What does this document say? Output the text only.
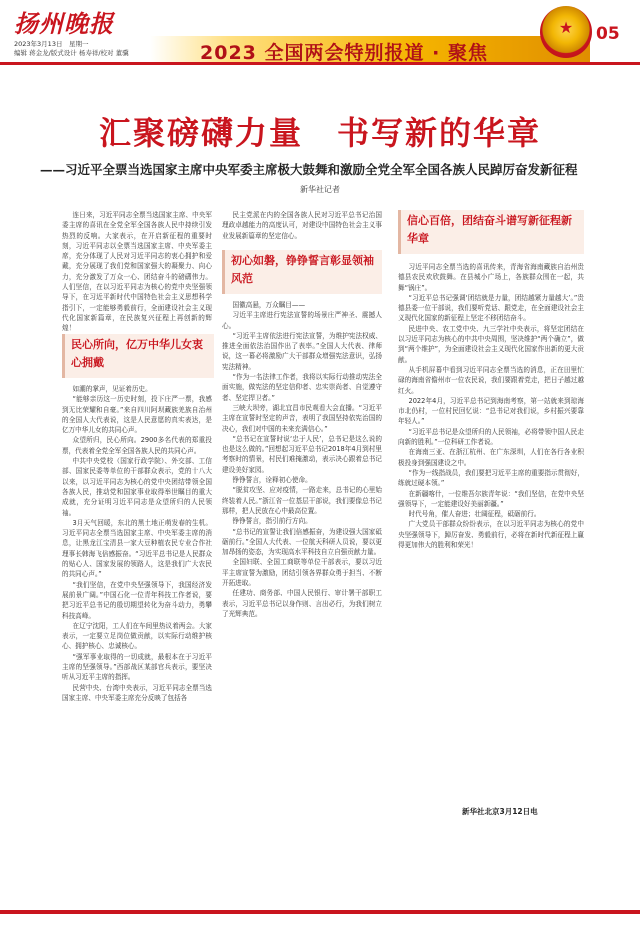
扬州晚报
2023年3月13日　星期一
编辑 蒋金龙/版式设计 杨寿祥/校对 董骥	2023 全国两会特别报道 · 聚焦
★	05
汇聚磅礴力量　书写新的华章
——习近平全票当选国家主席中央军委主席极大鼓舞和激励全党全军全国各族人民踔厉奋发新征程
新华社记者

连日来，习近平同志全票当选国家主席、中央军委主席的喜讯在全党全军全国各族人民中持续引发热烈的反响。大家表示，在开启新征程的重要时刻，习近平同志以全票当选国家主席、中央军委主席，充分体现了人民对习近平同志的衷心拥护和爱戴，充分展现了我们党和国家强大的凝聚力、向心力，充分激发了万众一心、团结奋斗的磅礴伟力。人们坚信，在以习近平同志为核心的党中央坚强领导下，在习近平新时代中国特色社会主义思想科学指引下，一定能够勇毅前行，全面建设社会主义现代化国家新篇章，在民族复兴征程上再创新的辉煌！

民心所向，亿万中华儿女衷心拥戴

如潮的掌声，见证着历史。

“能够亲历这一历史时刻，投下庄严一票，我感到无比荣耀和自豪。”来自四川阿坝藏族羌族自治州的全国人大代表说，这是人民意愿的真实表达，是亿万中华儿女的共同心声。

众望所归，民心所向。2900多名代表的郑重投票，代表着全党全军全国各族人民的共同心声。

中共中央党校（国家行政学院）、外交部、工信部、国家民委等单位的干部群众表示，党的十八大以来，以习近平同志为核心的党中央团结带领全国各族人民，推动党和国家事业取得举世瞩目的重大成就，充分证明习近平同志是众望所归的人民领袖。

3月天气回暖，东北的黑土地正萌发春的生机。习近平同志全票当选国家主席、中央军委主席的消息，让黑龙江宝清县一家大豆种植农民专业合作社理事长韩海飞倍感振奋。“习近平总书记是人民群众的贴心人、国家发展的领路人，这是我们广大农民的共同心声。”

“我们坚信，在党中央坚强领导下，我国经济发展前景广阔。”中国石化一位青年科技工作者说，要把习近平总书记的殷切期望转化为奋斗动力，勇攀科技高峰。

在辽宁沈阳，工人们在车间里热议着两会。大家表示，一定要立足岗位做贡献，以实际行动维护核心、拥护核心、忠诚核心。

“强军事业取得的一切成就，最根本在于习近平主席的坚强领导。”西部战区某部官兵表示，要坚决听从习近平主席的指挥。

民营中央、台湾中央表示，习近平同志全票当选国家主席、中央军委主席充分反映了包括各

民主党派在内的全国各族人民对习近平总书记治国理政卓越能力的高度认可，对建设中国特色社会主义事业发展新篇章的坚定信心。

初心如磐，铮铮誓言彰显领袖风范

国徽高悬，万众瞩目——

习近平主席进行宪法宣誓的场景庄严神圣、震撼人心。

“习近平主席依法进行宪法宣誓，为维护宪法权威、推进全面依法治国作出了表率。”全国人大代表、律师说，这一幕必将激励广大干部群众增强宪法意识，弘扬宪法精神。

“作为一名法律工作者，我将以实际行动推动宪法全面实施，做宪法的坚定信仰者、忠实崇尚者、自觉遵守者、坚定捍卫者。”

三峡大坝旁，湖北宜昌市民观看大会直播。“习近平主席在宣誓时坚定的声音，表明了我国坚持依宪治国的决心，我们对中国的未来充满信心。”

“总书记在宣誓时说‘忠于人民’，总书记是这么说的也是这么做的。”回想起习近平总书记2018年4月到村里考察时的情景，村民们难掩激动，表示决心跟着总书记建设美好家园。

铮铮誓言，诠释初心使命。

“脱贫攻坚、应对疫情，一路走来，总书记的心里始终装着人民。”浙江省一位基层干部说，我们要像总书记那样，把人民放在心中最高位置。

铮铮誓言，指引前行方向。

“总书记的宣誓让我们倍感振奋，为建设强大国家砥砺前行。”全国人大代表、一位航天科研人员说，要以更加昂扬的姿态，为实现高水平科技自立自强贡献力量。

全国妇联、全国工商联等单位干部表示，要以习近平主席宣誓为激励，团结引领各界群众勇于担当、不断开拓进取。

任建功、商务部、中国人民银行、审计署干部职工表示，习近平总书记以身作则、言出必行，为我们树立了光辉典范。

信心百倍，团结奋斗谱写新征程新华章

习近平同志全票当选的喜讯传来，青海省海南藏族自治州贵德县农民欢欣鼓舞。在县城小广场上，各族群众围在一起，共舞“锅庄”。

“习近平总书记强调‘团结就是力量，团结越紧力量越大’。”贵德县委一位干部说，我们要听党话、跟党走，在全面建设社会主义现代化国家的新征程上坚定不移团结奋斗。

民进中央、农工党中央、九三学社中央表示，将坚定团结在以习近平同志为核心的中共中央周围，坚决维护“两个确立”，做到“两个维护”，为全面建设社会主义现代化国家作出新的更大贡献。

从手机屏幕中看到习近平同志全票当选的消息，正在田里忙碌的海南省儋州市一位农民说，我们要跟着党走，把日子越过越红火。

2022年4月，习近平总书记到海南考察，第一站就来到琼海市北仍村，一位村民回忆说：“总书记对我们说，乡村振兴要靠年轻人。”

“习近平总书记是众望所归的人民领袖，必将带领中国人民走向新的胜利。”一位科研工作者说。

在海南三亚、在浙江杭州、在广东深圳，人们在各行各业积极投身到强国建设之中。

“作为一线指战员，我们要把习近平主席的重要指示贯彻好，练就过硬本领。”

在新疆喀什，一位维吾尔族青年说：“我们坚信，在党中央坚强领导下，一定能建设好美丽新疆。”

时代号角，催人奋进；壮阔征程，砥砺前行。

广大党员干部群众纷纷表示，在以习近平同志为核心的党中央坚强领导下，踔厉奋发、勇毅前行，必将在新时代新征程上赢得更加伟大的胜利和荣光！

新华社北京3月12日电
